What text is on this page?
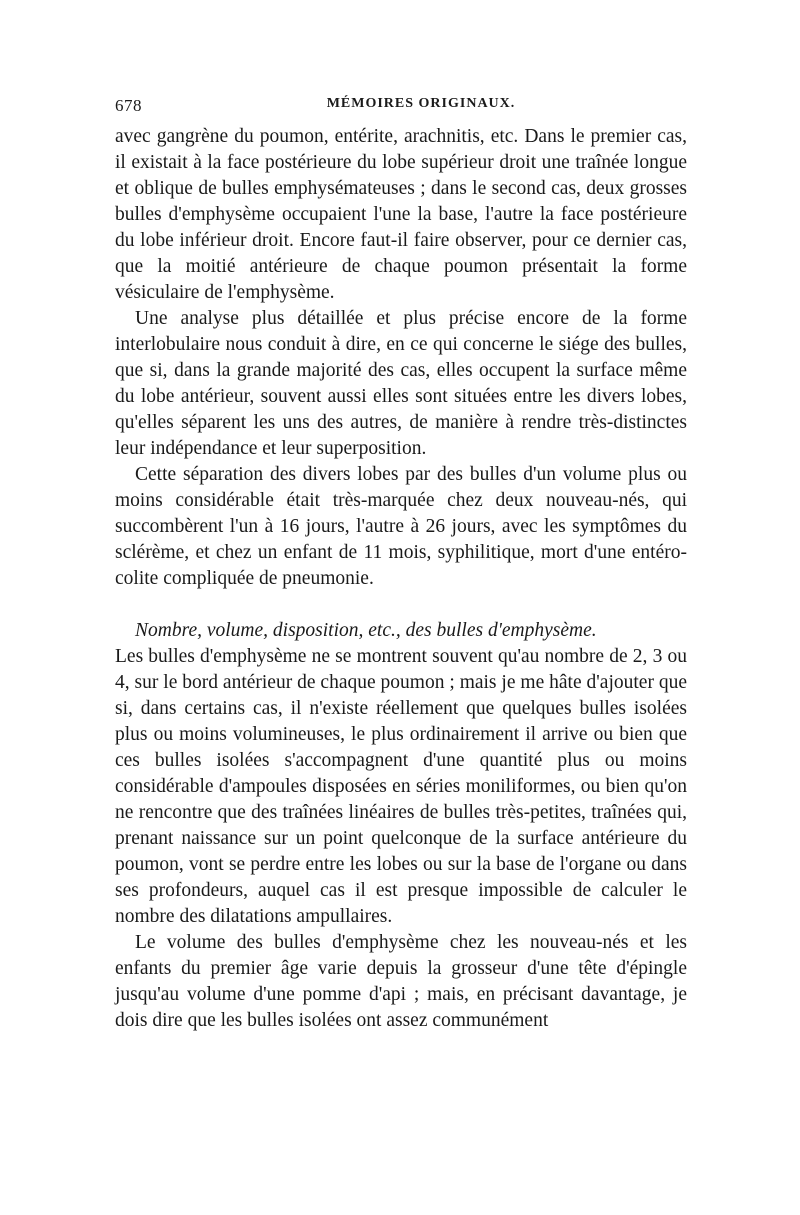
678	MÉMOIRES ORIGINAUX.

avec gangrène du poumon, entérite, arachnitis, etc. Dans le premier cas, il existait à la face postérieure du lobe supérieur droit une traînée longue et oblique de bulles emphysémateuses ; dans le second cas, deux grosses bulles d'emphysème occupaient l'une la base, l'autre la face postérieure du lobe inférieur droit. Encore faut-il faire observer, pour ce dernier cas, que la moitié antérieure de chaque poumon présentait la forme vésiculaire de l'emphysème.

Une analyse plus détaillée et plus précise encore de la forme interlobulaire nous conduit à dire, en ce qui concerne le siége des bulles, que si, dans la grande majorité des cas, elles occupent la surface même du lobe antérieur, souvent aussi elles sont situées entre les divers lobes, qu'elles séparent les uns des autres, de manière à rendre très-distinctes leur indépendance et leur superposition.

Cette séparation des divers lobes par des bulles d'un volume plus ou moins considérable était très-marquée chez deux nouveau-nés, qui succombèrent l'un à 16 jours, l'autre à 26 jours, avec les symptômes du sclérème, et chez un enfant de 11 mois, syphilitique, mort d'une entéro-colite compliquée de pneumonie.

Nombre, volume, disposition, etc., des bulles d'emphysème.

Les bulles d'emphysème ne se montrent souvent qu'au nombre de 2, 3 ou 4, sur le bord antérieur de chaque poumon ; mais je me hâte d'ajouter que si, dans certains cas, il n'existe réellement que quelques bulles isolées plus ou moins volumineuses, le plus ordinairement il arrive ou bien que ces bulles isolées s'accompagnent d'une quantité plus ou moins considérable d'ampoules disposées en séries moniliformes, ou bien qu'on ne rencontre que des traînées linéaires de bulles très-petites, traînées qui, prenant naissance sur un point quelconque de la surface antérieure du poumon, vont se perdre entre les lobes ou sur la base de l'organe ou dans ses profondeurs, auquel cas il est presque impossible de calculer le nombre des dilatations ampullaires.

Le volume des bulles d'emphysème chez les nouveau-nés et les enfants du premier âge varie depuis la grosseur d'une tête d'épingle jusqu'au volume d'une pomme d'api ; mais, en précisant davantage, je dois dire que les bulles isolées ont assez communément
